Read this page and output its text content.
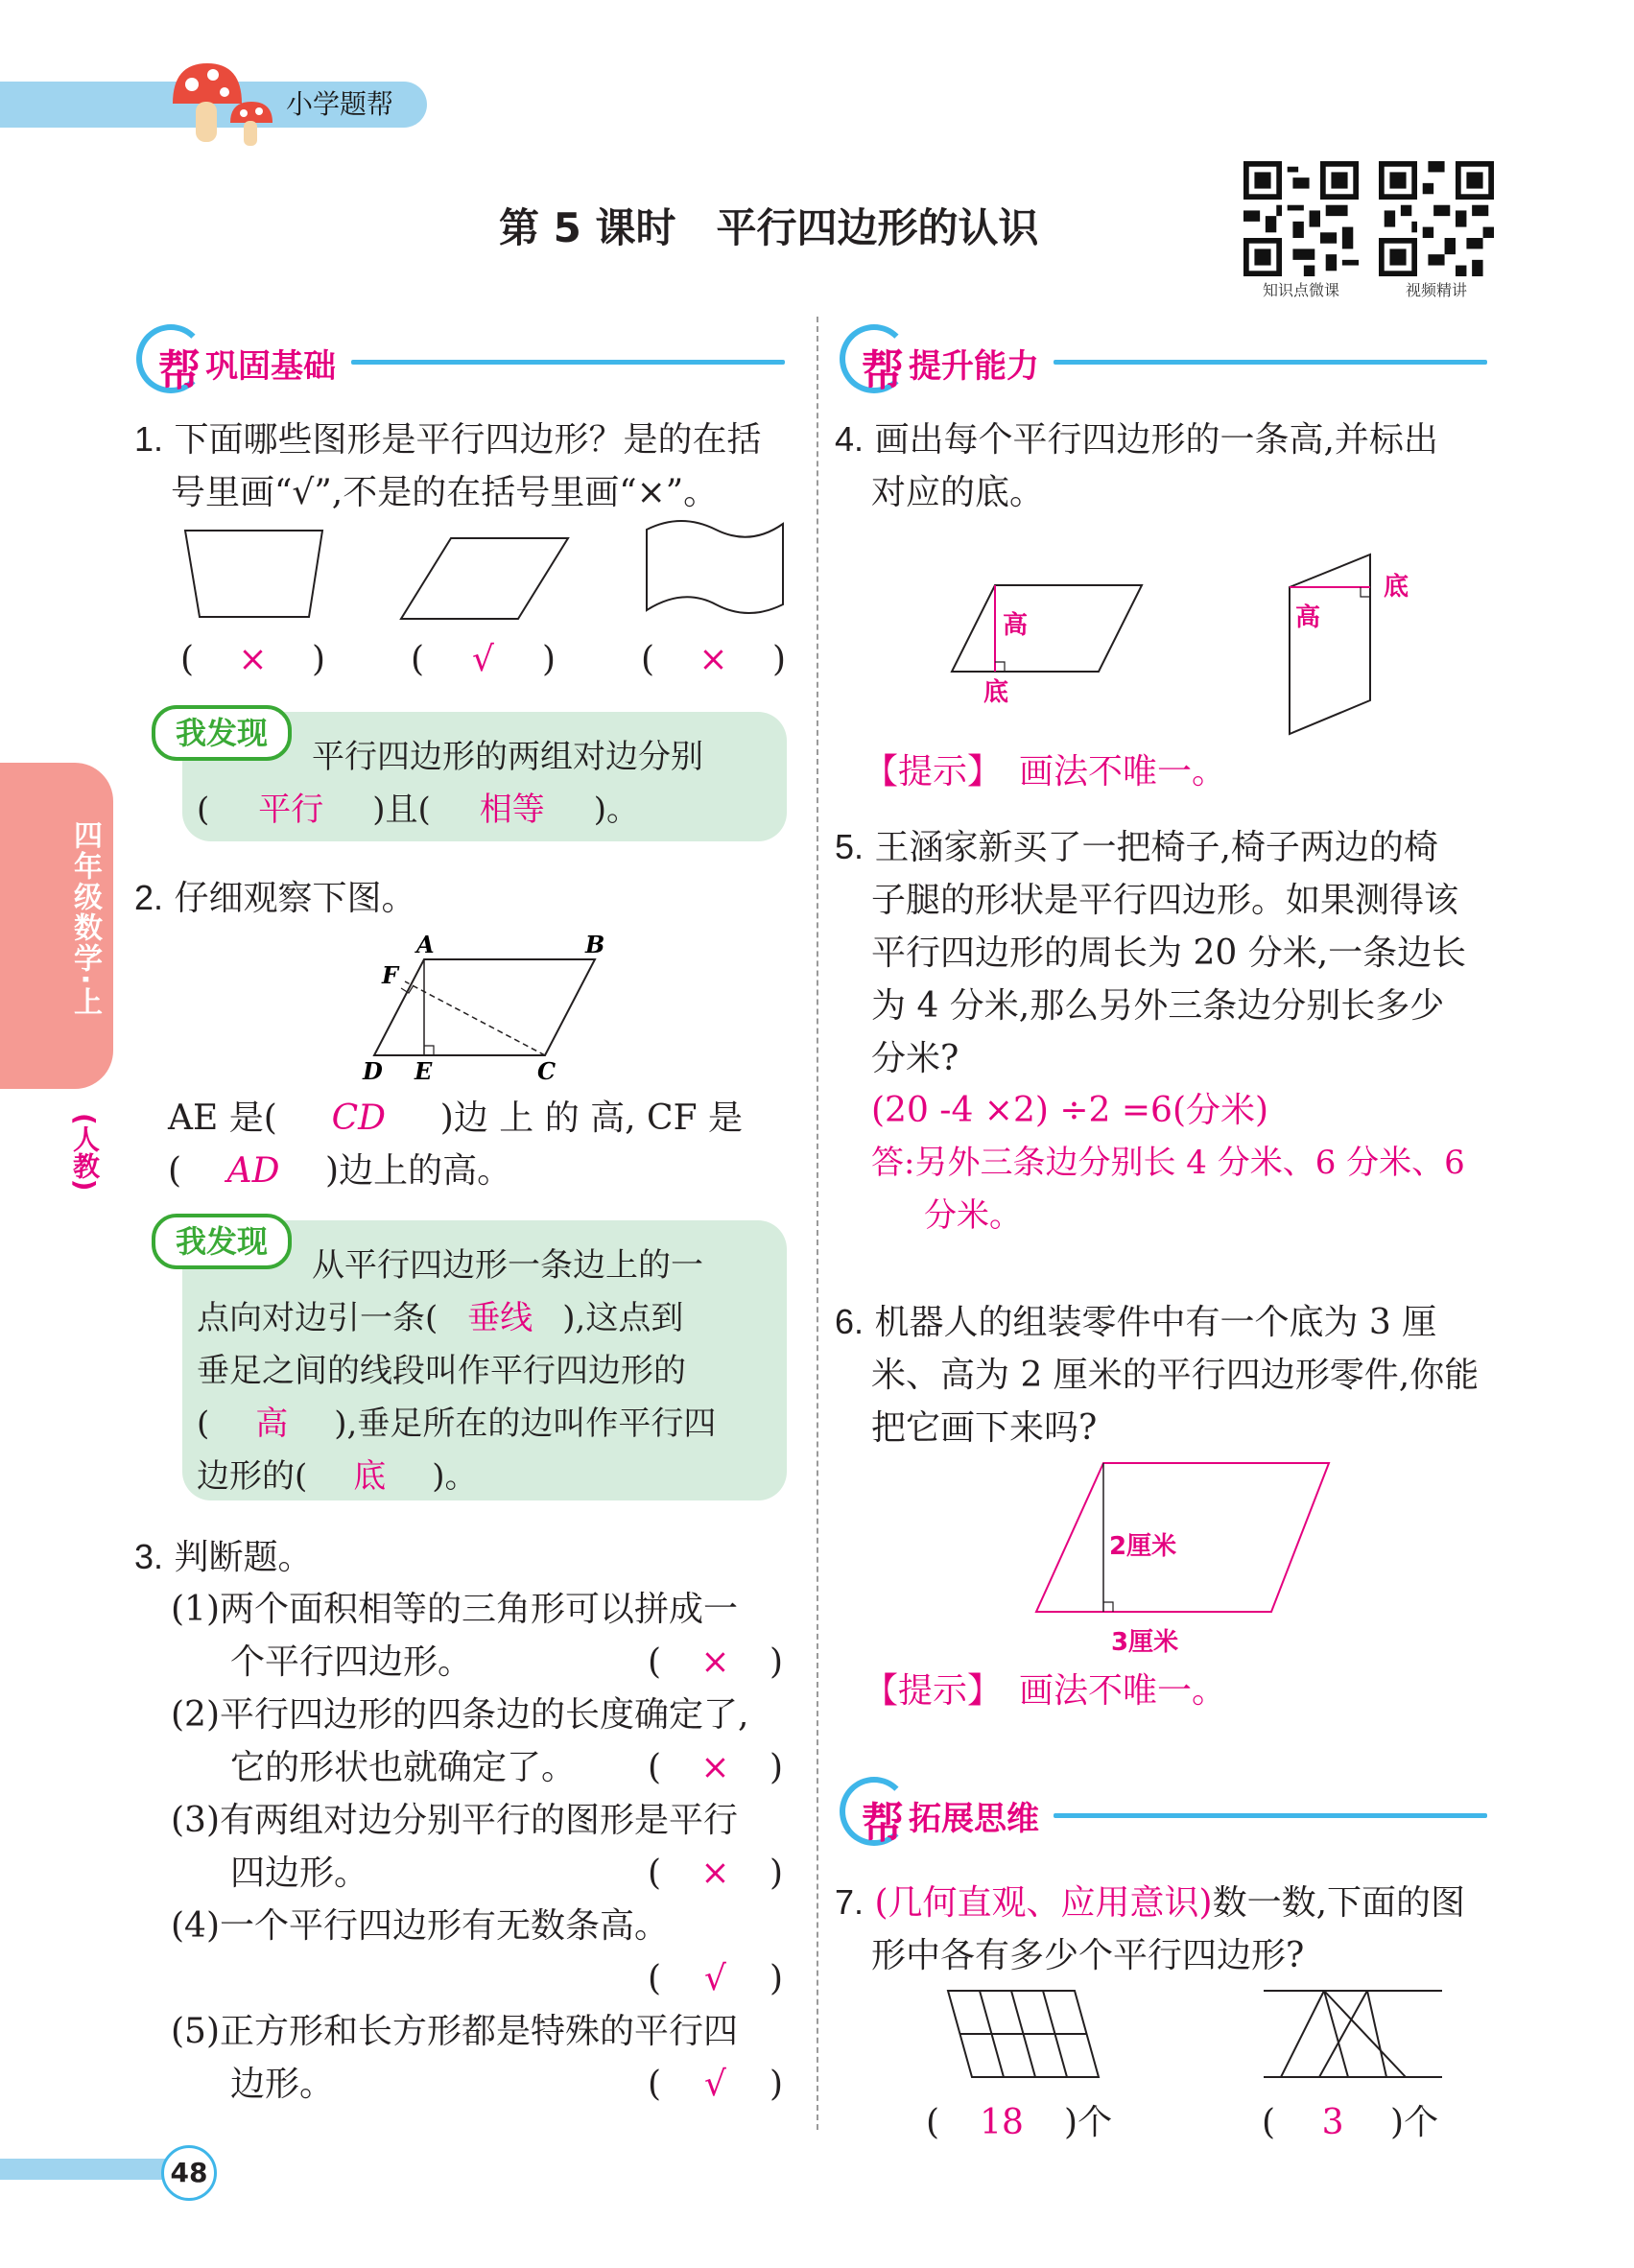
小学题帮
第 5 课时　平行四边形的认识
知识点微课	视频精讲
四年级数学·上
(人教)
帮 巩固基础
1. 下面哪些图形是平行四边形？是的在括
号里画“√”,不是的在括号里画“×”。
( × ) ( √ ) ( × )
我发现
平行四边形的两组对边分别
( 平行 )且( 相等 )。
2. 仔细观察下图。
A	B
F
D E	C
AE 是( CD )边 上 的 高, CF 是
( AD )边上的高。
我发现
从平行四边形一条边上的一
点向对边引一条( 垂线 ),这点到
垂足之间的线段叫作平行四边形的
( 高 ),垂足所在的边叫作平行四
边形的( 底 )。
3. 判断题。
(1)两个面积相等的三角形可以拼成一
个平行四边形。	( × )
(2)平行四边形的四条边的长度确定了,
它的形状也就确定了。	( × )
(3)有两组对边分别平行的图形是平行
四边形。	( × )
(4)一个平行四边形有无数条高。
( √ )
(5)正方形和长方形都是特殊的平行四
边形。	( √ )
帮 提升能力
4. 画出每个平行四边形的一条高,并标出
对应的底。
高
底
高
底
【提示】　 画法不唯一。
5. 王涵家新买了一把椅子,椅子两边的椅
子腿的形状是平行四边形。如果测得该
平行四边形的周长为 20 分米,一条边长
为 4 分米,那么另外三条边分别长多少
分米?
(20 -4 ×2) ÷2 =6(分米)
答:另外三条边分别长 4 分米、6 分米、6
分米。
6. 机器人的组装零件中有一个底为 3 厘
米、高为 2 厘米的平行四边形零件,你能
把它画下来吗?
2厘米
3厘米
【提示】　 画法不唯一。
帮 拓展思维
7. (几何直观、应用意识)数一数,下面的图
形中各有多少个平行四边形?
( 18 )个	( 3 )个
48
